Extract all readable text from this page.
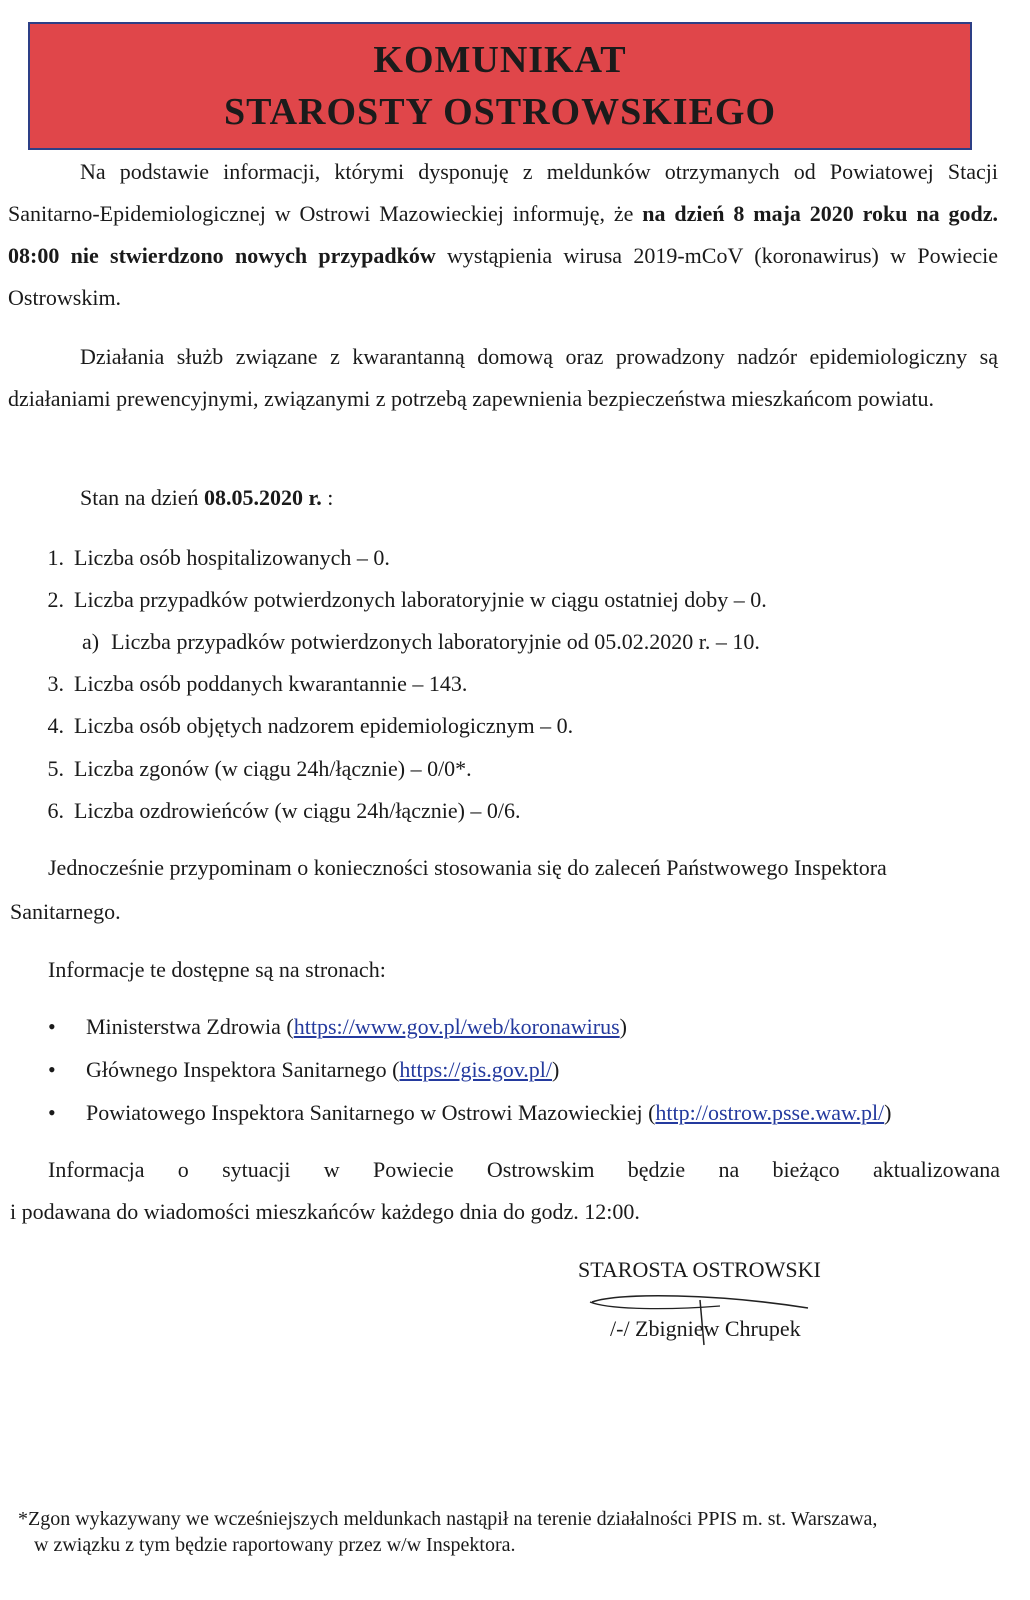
KOMUNIKAT
STAROSTY OSTROWSKIEGO

Na podstawie informacji, którymi dysponuję z meldunków otrzymanych od Powiatowej Stacji Sanitarno-Epidemiologicznej w Ostrowi Mazowieckiej informuję, że na dzień 8 maja 2020 roku na godz. 08:00 nie stwierdzono nowych przypadków wystąpienia wirusa 2019-mCoV (koronawirus) w Powiecie Ostrowskim.

Działania służb związane z kwarantanną domową oraz prowadzony nadzór epidemiologiczny są działaniami prewencyjnymi, związanymi z potrzebą zapewnienia bezpieczeństwa mieszkańcom powiatu.

Stan na dzień 08.05.2020 r. :
1. Liczba osób hospitalizowanych – 0.
2. Liczba przypadków potwierdzonych laboratoryjnie w ciągu ostatniej doby – 0.
a) Liczba przypadków potwierdzonych laboratoryjnie od 05.02.2020 r. – 10.
3. Liczba osób poddanych kwarantannie – 143.
4. Liczba osób objętych nadzorem epidemiologicznym – 0.
5. Liczba zgonów (w ciągu 24h/łącznie) – 0/0*.
6. Liczba ozdrowieńców (w ciągu 24h/łącznie) – 0/6.
Jednocześnie przypominam o konieczności stosowania się do zaleceń Państwowego Inspektora
Sanitarnego.
Informacje te dostępne są na stronach:
• Ministerstwa Zdrowia (https://www.gov.pl/web/koronawirus)
• Głównego Inspektora Sanitarnego (https://gis.gov.pl/)
• Powiatowego Inspektora Sanitarnego w Ostrowi Mazowieckiej (http://ostrow.psse.waw.pl/)
Informacja o sytuacji w Powiecie Ostrowskim będzie na bieżąco aktualizowana
i podawana do wiadomości mieszkańców każdego dnia do godz. 12:00.
STAROSTA OSTROWSKI
/-/ Zbigniew Chrupek
*Zgon wykazywany we wcześniejszych meldunkach nastąpił na terenie działalności PPIS m. st. Warszawa,
w związku z tym będzie raportowany przez w/w Inspektora.
